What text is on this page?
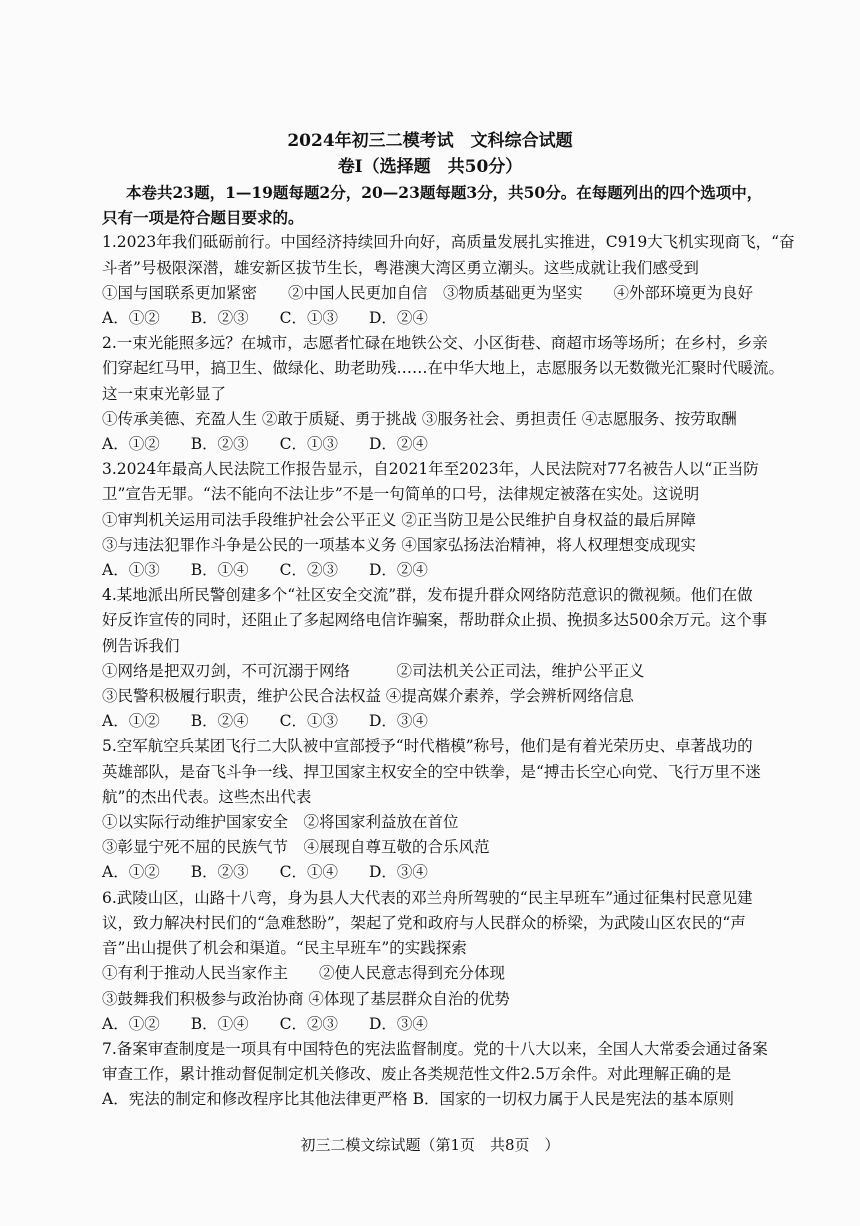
2024年初三二模考试　文科综合试题
卷Ⅰ（选择题　共50分）

本卷共23题，1—19题每题2分，20—23题每题3分，共50分。在每题列出的四个选项中，

只有一项是符合题目要求的。

1.2023年我们砥砺前行。中国经济持续回升向好，高质量发展扎实推进，C919大飞机实现商飞，“奋

斗者”号极限深潜，雄安新区拔节生长，粤港澳大湾区勇立潮头。这些成就让我们感受到

①国与国联系更加紧密　　②中国人民更加自信　③物质基础更为坚实　　④外部环境更为良好

A．①②　　B．②③　　C．①③　　D．②④

2.一束光能照多远？在城市，志愿者忙碌在地铁公交、小区街巷、商超市场等场所；在乡村，乡亲

们穿起红马甲，搞卫生、做绿化、助老助残……在中华大地上，志愿服务以无数微光汇聚时代暖流。

这一束束光彰显了

①传承美德、充盈人生 ②敢于质疑、勇于挑战 ③服务社会、勇担责任 ④志愿服务、按劳取酬

A．①②　　B．②③　　C．①③　　D．②④

3.2024年最高人民法院工作报告显示，自2021年至2023年，人民法院对77名被告人以“正当防

卫”宣告无罪。“法不能向不法让步”不是一句简单的口号，法律规定被落在实处。这说明

①审判机关运用司法手段维护社会公平正义 ②正当防卫是公民维护自身权益的最后屏障

③与违法犯罪作斗争是公民的一项基本义务 ④国家弘扬法治精神，将人权理想变成现实

A．①③　　B．①④　　C．②③　　D．②④

4.某地派出所民警创建多个“社区安全交流”群，发布提升群众网络防范意识的微视频。他们在做

好反诈宣传的同时，还阻止了多起网络电信诈骗案，帮助群众止损、挽损多达500余万元。这个事

例告诉我们

①网络是把双刃剑，不可沉溺于网络　　　②司法机关公正司法，维护公平正义

③民警积极履行职责，维护公民合法权益 ④提高媒介素养，学会辨析网络信息

A．①②　　B．②④　　C．①③　　D．③④

5.空军航空兵某团飞行二大队被中宣部授予“时代楷模”称号，他们是有着光荣历史、卓著战功的

英雄部队，是奋飞斗争一线、捍卫国家主权安全的空中铁拳，是“搏击长空心向党、飞行万里不迷

航”的杰出代表。这些杰出代表

①以实际行动维护国家安全　②将国家利益放在首位

③彰显宁死不屈的民族气节　④展现自尊互敬的合乐风范

A．①②　　B．②③　　C．①④　　D．③④

6.武陵山区，山路十八弯，身为县人大代表的邓兰舟所驾驶的“民主早班车”通过征集村民意见建

议，致力解决村民们的“急难愁盼”，架起了党和政府与人民群众的桥梁，为武陵山区农民的“声

音”出山提供了机会和渠道。“民主早班车”的实践探索

①有利于推动人民当家作主　　②使人民意志得到充分体现

③鼓舞我们积极参与政治协商 ④体现了基层群众自治的优势

A．①②　　B．①④　　C．②③　　D．③④

7.备案审查制度是一项具有中国特色的宪法监督制度。党的十八大以来，全国人大常委会通过备案

审查工作，累计推动督促制定机关修改、废止各类规范性文件2.5万余件。对此理解正确的是

A．宪法的制定和修改程序比其他法律更严格 B．国家的一切权力属于人民是宪法的基本原则

初三二模文综试题（第1页　共8页　）
